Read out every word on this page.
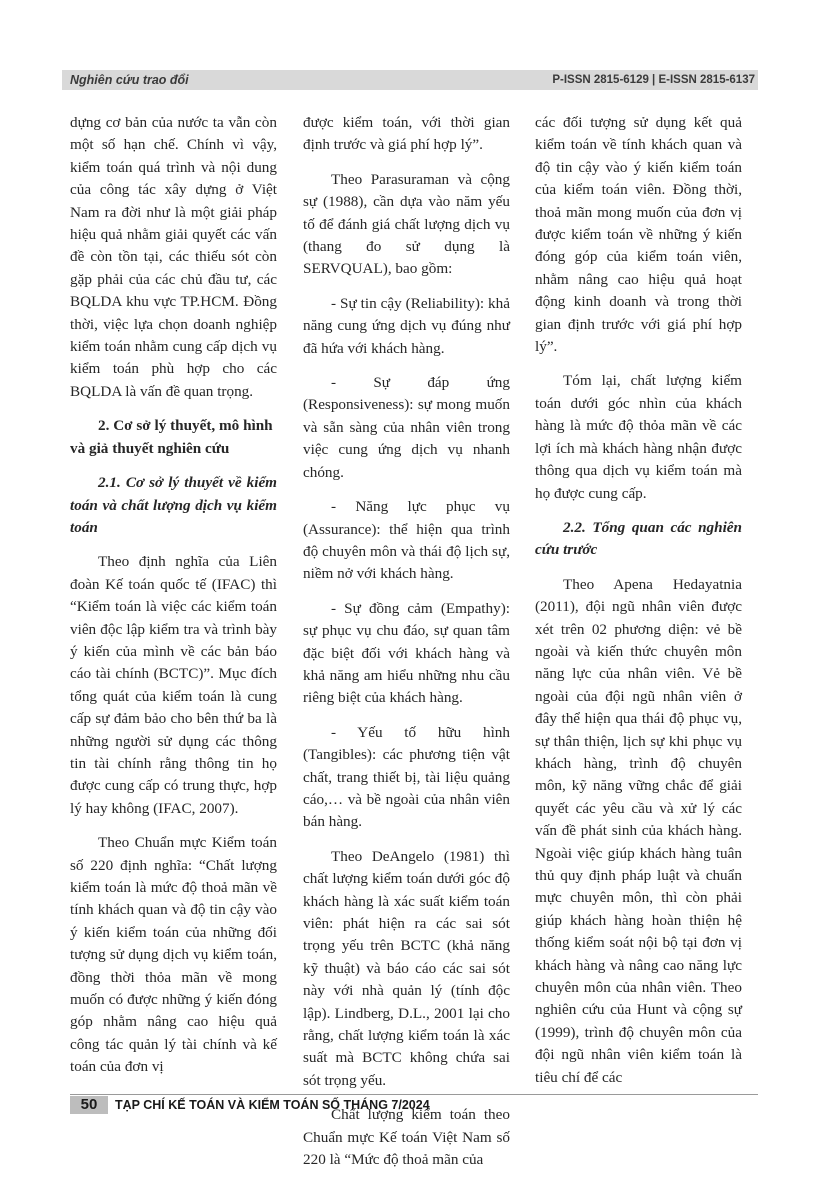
Nghiên cứu trao đổi	P-ISSN 2815-6129 | E-ISSN 2815-6137

dựng cơ bản của nước ta vẫn còn một số hạn chế. Chính vì vậy, kiểm toán quá trình và nội dung của công tác xây dựng ở Việt Nam ra đời như là một giải pháp hiệu quả nhằm giải quyết các vấn đề còn tồn tại, các thiếu sót còn gặp phải của các chủ đầu tư, các BQLDA khu vực TP.HCM. Đồng thời, việc lựa chọn doanh nghiệp kiểm toán nhằm cung cấp dịch vụ kiểm toán phù hợp cho các BQLDA là vấn đề quan trọng.

2. Cơ sở lý thuyết, mô hình và giả thuyết nghiên cứu
2.1. Cơ sở lý thuyết về kiểm toán và chất lượng dịch vụ kiểm toán

Theo định nghĩa của Liên đoàn Kế toán quốc tế (IFAC) thì “Kiểm toán là việc các kiểm toán viên độc lập kiểm tra và trình bày ý kiến của mình về các bản báo cáo tài chính (BCTC)”. Mục đích tổng quát của kiểm toán là cung cấp sự đảm bảo cho bên thứ ba là những người sử dụng các thông tin tài chính rằng thông tin họ được cung cấp có trung thực, hợp lý hay không (IFAC, 2007).

Theo Chuẩn mực Kiểm toán số 220 định nghĩa: “Chất lượng kiểm toán là mức độ thoả mãn về tính khách quan và độ tin cậy vào ý kiến kiểm toán của những đối tượng sử dụng dịch vụ kiểm toán, đồng thời thỏa mãn về mong muốn có được những ý kiến đóng góp nhằm nâng cao hiệu quả công tác quản lý tài chính và kế toán của đơn vị

được kiểm toán, với thời gian định trước và giá phí hợp lý”.

Theo Parasuraman và cộng sự (1988), cần dựa vào năm yếu tố để đánh giá chất lượng dịch vụ (thang đo sử dụng là SERVQUAL), bao gồm:

- Sự tin cậy (Reliability): khả năng cung ứng dịch vụ đúng như đã hứa với khách hàng.

- Sự đáp ứng (Responsiveness): sự mong muốn và sẵn sàng của nhân viên trong việc cung ứng dịch vụ nhanh chóng.

- Năng lực phục vụ (Assurance): thể hiện qua trình độ chuyên môn và thái độ lịch sự, niềm nở với khách hàng.

- Sự đồng cảm (Empathy): sự phục vụ chu đáo, sự quan tâm đặc biệt đối với khách hàng và khả năng am hiểu những nhu cầu riêng biệt của khách hàng.

- Yếu tố hữu hình (Tangibles): các phương tiện vật chất, trang thiết bị, tài liệu quảng cáo,… và bề ngoài của nhân viên bán hàng.

Theo DeAngelo (1981) thì chất lượng kiểm toán dưới góc độ khách hàng là xác suất kiểm toán viên: phát hiện ra các sai sót trọng yếu trên BCTC (khả năng kỹ thuật) và báo cáo các sai sót này với nhà quản lý (tính độc lập). Lindberg, D.L., 2001 lại cho rằng, chất lượng kiểm toán là xác suất mà BCTC không chứa sai sót trọng yếu.

Chất lượng kiểm toán theo Chuẩn mực Kế toán Việt Nam số 220 là “Mức độ thoả mãn của

các đối tượng sử dụng kết quả kiểm toán về tính khách quan và độ tin cậy vào ý kiến kiểm toán của kiểm toán viên. Đồng thời, thoả mãn mong muốn của đơn vị được kiểm toán về những ý kiến đóng góp của kiểm toán viên, nhằm nâng cao hiệu quả hoạt động kinh doanh và trong thời gian định trước với giá phí hợp lý”.

Tóm lại, chất lượng kiểm toán dưới góc nhìn của khách hàng là mức độ thỏa mãn về các lợi ích mà khách hàng nhận được thông qua dịch vụ kiểm toán mà họ được cung cấp.

2.2. Tổng quan các nghiên cứu trước

Theo Apena Hedayatnia (2011), đội ngũ nhân viên được xét trên 02 phương diện: vẻ bề ngoài và kiến thức chuyên môn năng lực của nhân viên. Vẻ bề ngoài của đội ngũ nhân viên ở đây thể hiện qua thái độ phục vụ, sự thân thiện, lịch sự khi phục vụ khách hàng, trình độ chuyên môn, kỹ năng vững chắc để giải quyết các yêu cầu và xử lý các vấn đề phát sinh của khách hàng. Ngoài việc giúp khách hàng tuân thủ quy định pháp luật và chuẩn mực chuyên môn, thì còn phải giúp khách hàng hoàn thiện hệ thống kiểm soát nội bộ tại đơn vị khách hàng và nâng cao năng lực chuyên môn của nhân viên. Theo nghiên cứu của Hunt và cộng sự (1999), trình độ chuyên môn của đội ngũ nhân viên kiểm toán là tiêu chí để các

50	TẠP CHÍ KẾ TOÁN VÀ KIỂM TOÁN SỐ THÁNG 7/2024
